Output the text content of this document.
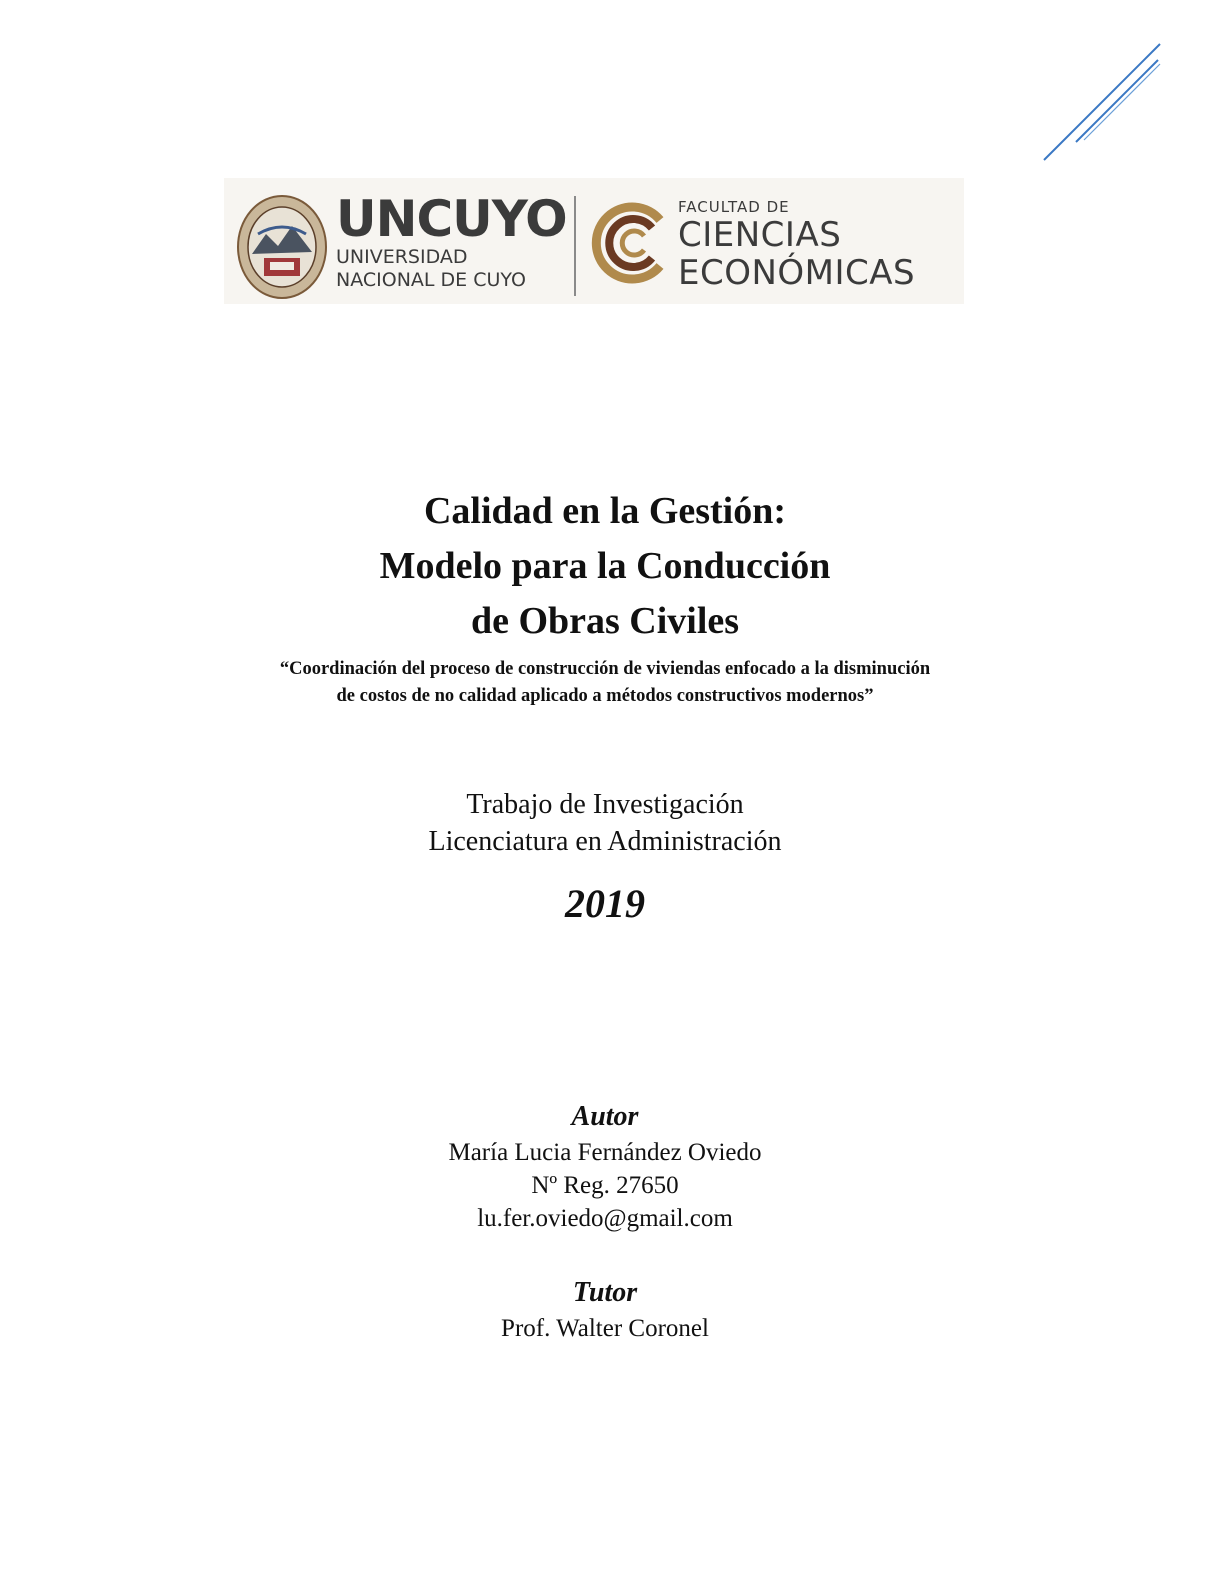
UNCUYO
UNIVERSIDAD
NACIONAL DE CUYO
FACULTAD DE
CIENCIAS
ECONÓMICAS
Calidad en la Gestión:
Modelo para la Conducción
de Obras Civiles
“Coordinación del proceso de construcción de viviendas enfocado a la disminución
de costos de no calidad aplicado a métodos constructivos modernos”
Trabajo de Investigación
Licenciatura en Administración
2019
Autor
María Lucia Fernández Oviedo
Nº Reg. 27650
lu.fer.oviedo@gmail.com
Tutor
Prof. Walter Coronel
